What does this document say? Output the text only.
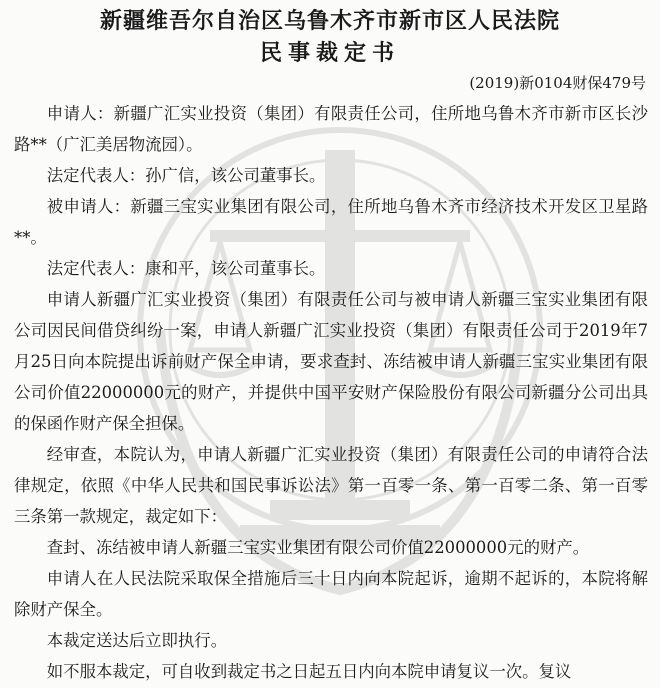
新疆维吾尔自治区乌鲁木齐市新市区人民法院
民事裁定书
(2019)新0104财保479号

申请人：新疆广汇实业投资（集团）有限责任公司，住所地乌鲁木齐市新市区长沙路**（广汇美居物流园）。

法定代表人：孙广信，该公司董事长。

被申请人：新疆三宝实业集团有限公司，住所地乌鲁木齐市经济技术开发区卫星路**。

法定代表人：康和平，该公司董事长。

申请人新疆广汇实业投资（集团）有限责任公司与被申请人新疆三宝实业集团有限公司因民间借贷纠纷一案，申请人新疆广汇实业投资（集团）有限责任公司于2019年7月25日向本院提出诉前财产保全申请，要求查封、冻结被申请人新疆三宝实业集团有限公司价值22000000元的财产，并提供中国平安财产保险股份有限公司新疆分公司出具的保函作财产保全担保。

经审查，本院认为，申请人新疆广汇实业投资（集团）有限责任公司的申请符合法律规定，依照《中华人民共和国民事诉讼法》第一百零一条、第一百零二条、第一百零三条第一款规定，裁定如下：

查封、冻结被申请人新疆三宝实业集团有限公司价值22000000元的财产。

申请人在人民法院采取保全措施后三十日内向本院起诉，逾期不起诉的，本院将解除财产保全。

本裁定送达后立即执行。

如不服本裁定，可自收到裁定书之日起五日内向本院申请复议一次。复议
